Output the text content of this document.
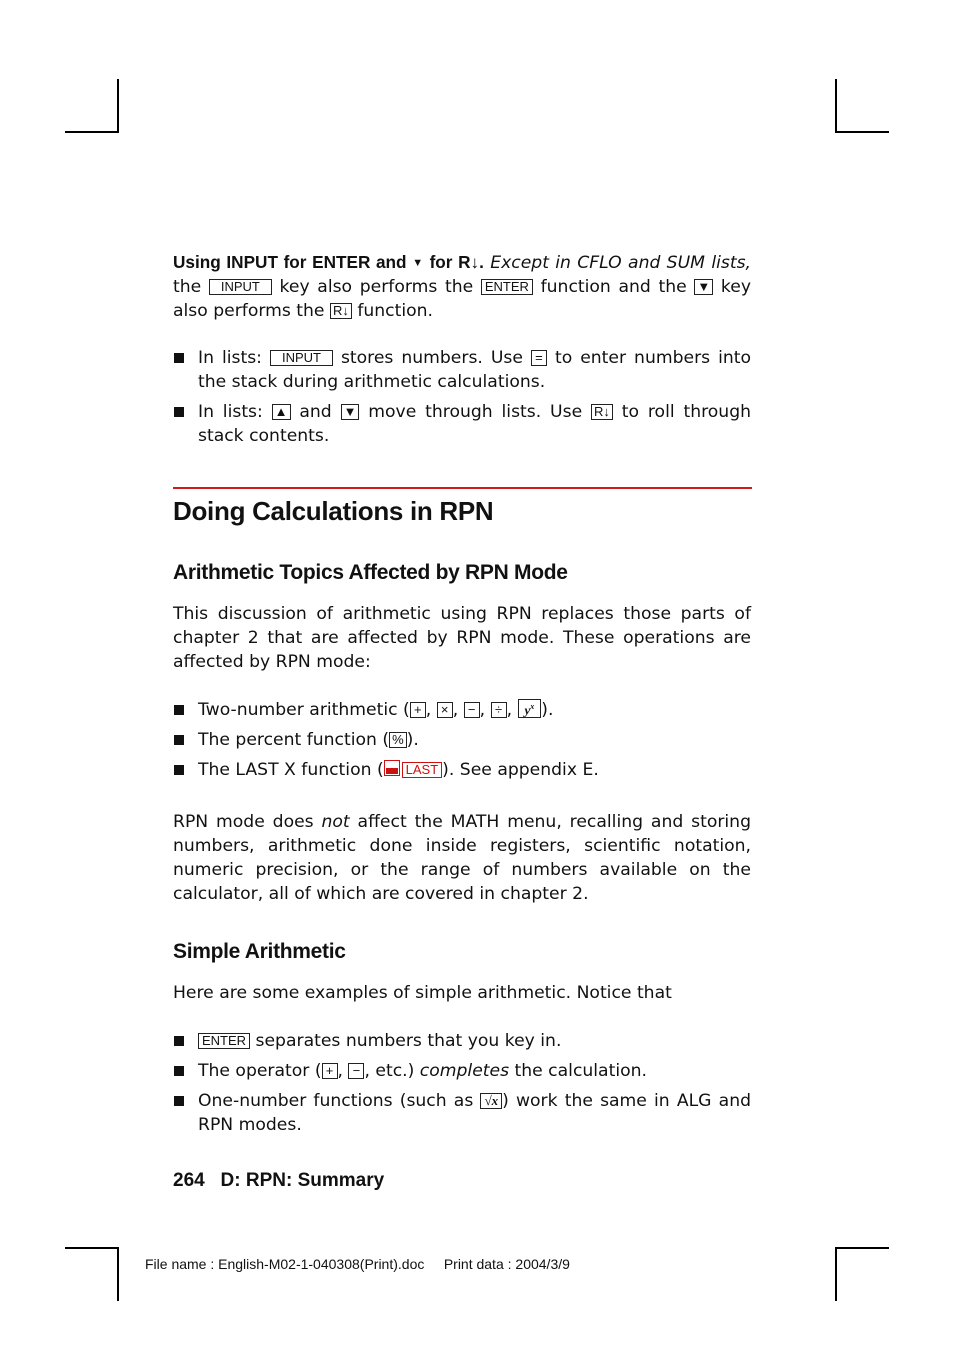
Using INPUT for ENTER and ▼ for R↓. Except in CFLO and SUM lists, the INPUT key also performs the ENTER function and the ▼ key also performs the R↓ function.

In lists: INPUT stores numbers. Use = to enter numbers into the stack during arithmetic calculations.
In lists: ▲ and ▼ move through lists. Use R↓ to roll through stack contents.
Doing Calculations in RPN
Arithmetic Topics Affected by RPN Mode

This discussion of arithmetic using RPN replaces those parts of chapter 2 that are affected by RPN mode. These operations are affected by RPN mode:

Two-number arithmetic ( + , × , − , ÷ , $y^x$ ).
The percent function ( % ).
The LAST X function ( LAST ). See appendix E.

RPN mode does not affect the MATH menu, recalling and storing numbers, arithmetic done inside registers, scientific notation, numeric precision, or the range of numbers available on the calculator, all of which are covered in chapter 2.

Simple Arithmetic

Here are some examples of simple arithmetic. Notice that

ENTER separates numbers that you key in.
The operator ( + , − , etc.) completes the calculation.
One-number functions (such as √x ) work the same in ALG and RPN modes.
264 D: RPN: Summary
File name : English-M02-1-040308(Print).doc Print data : 2004/3/9
